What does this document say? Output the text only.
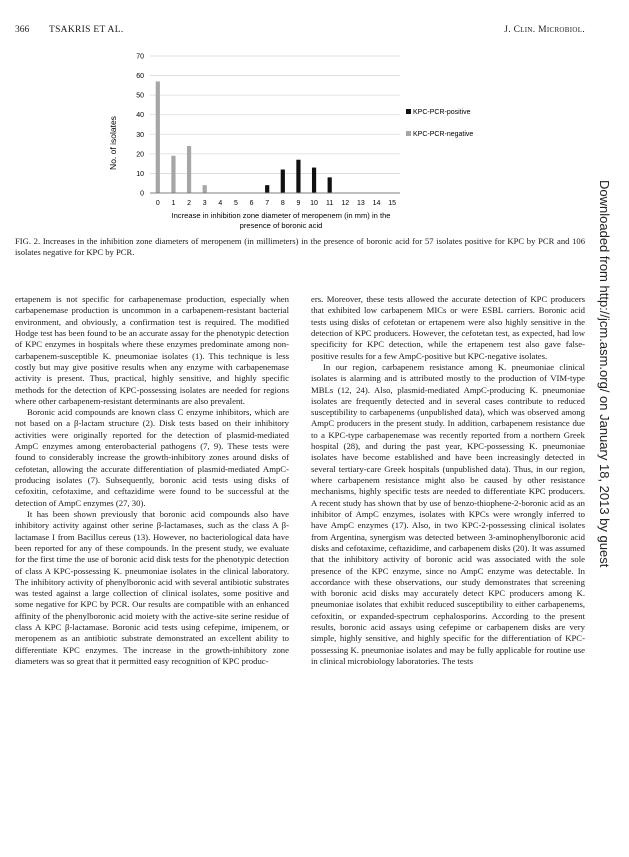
366 TSAKRIS ET AL.	J. Clin. Microbiol.
0
10
20
30
40
50
60
70
0 1 2 3 4 5 6 7 8 9 10 11 12 13 14 15
No. of isolates
Increase in inhibition zone diameter of meropenem (in mm) in the
presence of boronic acid
KPC-PCR-positive
KPC-PCR-negative
FIG. 2. Increases in the inhibition zone diameters of meropenem (in millimeters) in the presence of boronic acid for 57 isolates positive for KPC by PCR and 106 isolates negative for KPC by PCR.

ertapenem is not specific for carbapenemase production, especially when carbapenemase production is uncommon in a carbapenem-resistant bacterial environment, and obviously, a confirmation test is required. The modified Hodge test has been found to be an accurate assay for the phenotypic detection of KPC enzymes in hospitals where these enzymes predominate among non-carbapenem-susceptible K. pneumoniae isolates (1). This technique is less costly but may give positive results when any enzyme with carbapenemase activity is present. Thus, practical, highly sensitive, and highly specific methods for the detection of KPC-possessing isolates are needed for regions where other carbapenem-resistant determinants are also prevalent.

Boronic acid compounds are known class C enzyme inhibitors, which are not based on a β-lactam structure (2). Disk tests based on their inhibitory activities were originally reported for the detection of plasmid-mediated AmpC enzymes among enterobacterial pathogens (7, 9). These tests were found to considerably increase the growth-inhibitory zones around disks of cefotetan, allowing the accurate differentiation of plasmid-mediated AmpC-producing isolates (7). Subsequently, boronic acid tests using disks of cefoxitin, cefotaxime, and ceftazidime were found to be successful at the detection of AmpC enzymes (27, 30).

It has been shown previously that boronic acid compounds also have inhibitory activity against other serine β-lactamases, such as the class A β-lactamase I from Bacillus cereus (13). However, no bacteriological data have been reported for any of these compounds. In the present study, we evaluate for the first time the use of boronic acid disk tests for the phenotypic detection of class A KPC-possessing K. pneumoniae isolates in the clinical laboratory. The inhibitory activity of phenylboronic acid with several antibiotic substrates was tested against a large collection of clinical isolates, some positive and some negative for KPC by PCR. Our results are compatible with an enhanced affinity of the phenylboronic acid moiety with the active-site serine residue of class A KPC β-lactamase. Boronic acid tests using cefepime, imipenem, or meropenem as an antibiotic substrate demonstrated an excellent ability to differentiate KPC enzymes. The increase in the growth-inhibitory zone diameters was so great that it permitted easy recognition of KPC produc-

ers. Moreover, these tests allowed the accurate detection of KPC producers that exhibited low carbapenem MICs or were ESBL carriers. Boronic acid tests using disks of cefotetan or ertapenem were also highly sensitive in the detection of KPC producers. However, the cefotetan test, as expected, had low specificity for KPC detection, while the ertapenem test also gave false-positive results for a few AmpC-positive but KPC-negative isolates.

In our region, carbapenem resistance among K. pneumoniae clinical isolates is alarming and is attributed mostly to the production of VIM-type MBLs (12, 24). Also, plasmid-mediated AmpC-producing K. pneumoniae isolates are frequently detected and in several cases contribute to reduced susceptibility to carbapenems (unpublished data), which was observed among AmpC producers in the present study. In addition, carbapenem resistance due to a KPC-type carbapenemase was recently reported from a northern Greek hospital (28), and during the past year, KPC-possessing K. pneumoniae isolates have become established and have been increasingly detected in several tertiary-care Greek hospitals (unpublished data). Thus, in our region, where carbapenem resistance might also be caused by other resistance mechanisms, highly specific tests are needed to differentiate KPC producers. A recent study has shown that by use of benzo-thiophene-2-boronic acid as an inhibitor of AmpC enzymes, isolates with KPCs were wrongly inferred to have AmpC enzymes (17). Also, in two KPC-2-possessing clinical isolates from Argentina, synergism was detected between 3-aminophenylboronic acid disks and cefotaxime, ceftazidime, and carbapenem disks (20). It was assumed that the inhibitory activity of boronic acid was associated with the sole presence of the KPC enzyme, since no AmpC enzyme was detectable. In accordance with these observations, our study demonstrates that screening with boronic acid disks may accurately detect KPC producers among K. pneumoniae isolates that exhibit reduced susceptibility to either carbapenems, cefoxitin, or expanded-spectrum cephalosporins. According to the present results, boronic acid assays using cefepime or carbapenem disks are very simple, highly sensitive, and highly specific for the differentiation of KPC-possessing K. pneumoniae isolates and may be fully applicable for routine use in clinical microbiology laboratories. The tests

Downloaded from http://jcm.asm.org/ on January 18, 2013 by guest
